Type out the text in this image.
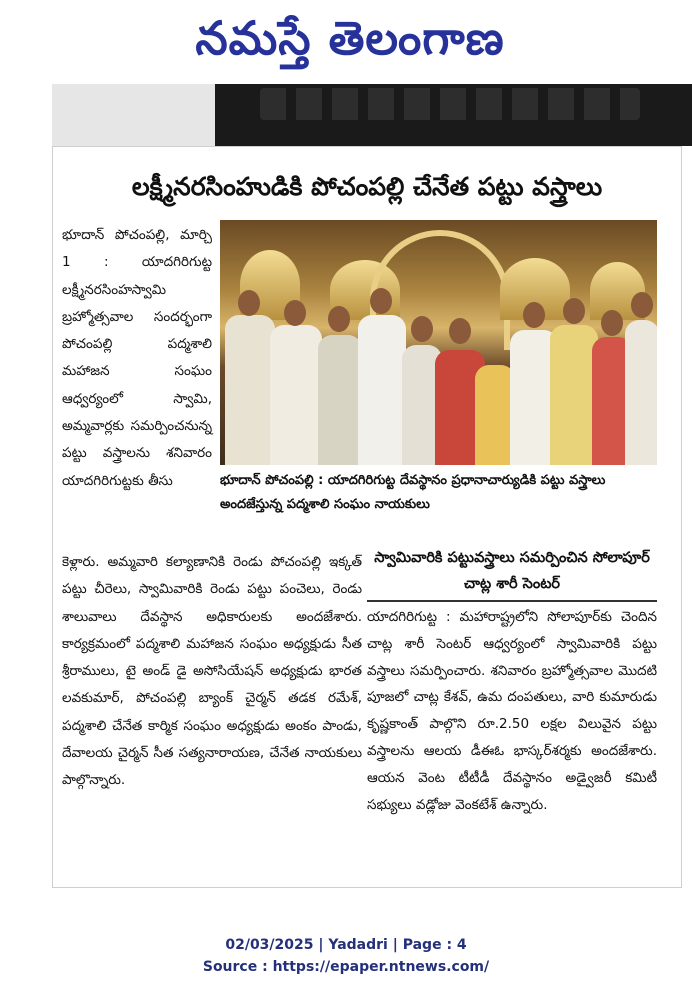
నమస్తే తెలంగాణ
లక్ష్మీనరసింహుడికి పోచంపల్లి చేనేత పట్టు వస్త్రాలు
భూదాన్ పోచంపల్లి, మార్చి 1 : యాదగిరిగుట్ట లక్ష్మీనరసింహస్వామి బ్రహ్మోత్సవాల సందర్భంగా పోచంపల్లి పద్మశాలి మహాజన సంఘం ఆధ్వర్యంలో స్వామి, అమ్మవార్లకు సమర్పించనున్న పట్టు వస్త్రాలను శనివారం యాదగిరిగుట్టకు తీసు	భూదాన్ పోచంపల్లి : యాదగిరిగుట్ట దేవస్థానం ప్రధానాచార్యుడికి పట్టు వస్త్రాలు అందజేస్తున్న పద్మశాలి సంఘం నాయకులు
స్వామివారికి పట్టువస్త్రాలు సమర్పించిన సోలాపూర్ చాట్ల శారీ సెంటర్
యాదగిరిగుట్ట : మహారాష్ట్రలోని సోలాపూర్‌కు చెందిన చాట్ల శారీ సెంటర్ ఆధ్వర్యంలో స్వామివారికి పట్టు వస్త్రాలు సమర్పించారు. శనివారం బ్రహ్మోత్సవాల మొదటి పూజలో చాట్ల కేశవ్, ఉమ దంపతులు, వారి కుమారుడు కృష్ణకాంత్ పాల్గొని రూ.2.50 లక్షల విలువైన పట్టు వస్త్రాలను ఆలయ డీఈఓ భాస్కర్‌శర్మకు అందజేశారు. ఆయన వెంట టీటీడీ దేవస్థానం అడ్వైజరీ కమిటీ సభ్యులు వడ్లోజు వెంకటేశ్ ఉన్నారు.
కెళ్లారు. అమ్మవారి కల్యాణానికి రెండు పోచంపల్లి ఇక్కత్ పట్టు చీరెలు, స్వామివారికి రెండు పట్టు పంచెలు, రెండు శాలువాలు దేవస్థాన అధికారులకు అందజేశారు. కార్యక్రమంలో పద్మశాలి మహాజన సంఘం అధ్యక్షుడు సీత శ్రీరాములు, టై అండ్ డై అసోసియేషన్ అధ్యక్షుడు భారత లవకుమార్, పోచంపల్లి బ్యాంక్ చైర్మన్ తడక రమేశ్, పద్మశాలి చేనేత కార్మిక సంఘం అధ్యక్షుడు అంకం పాండు, దేవాలయ చైర్మన్ సీత సత్యనారాయణ, చేనేత నాయకులు పాల్గొన్నారు.

02/03/2025 | Yadadri | Page : 4
Source : https://epaper.ntnews.com/
